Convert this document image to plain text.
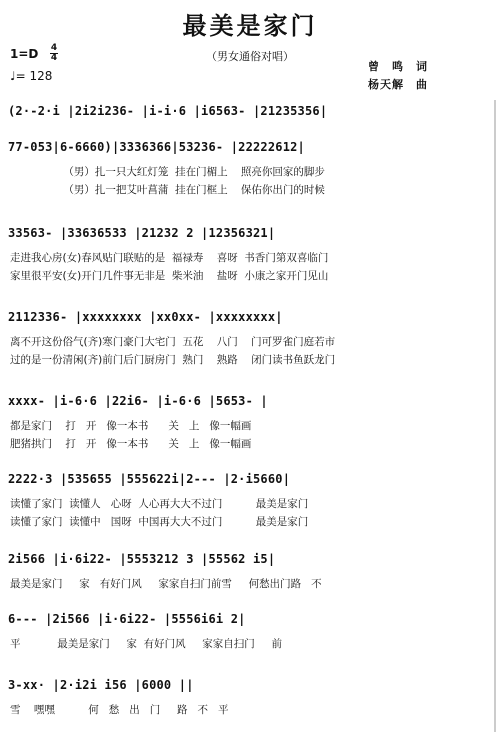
最美是家门
（男女通俗对唱）
1=D 4
4
♩= 128
曾　鸣　词
杨天解　曲
(2·-2·i |2i2i236- |i-i·6 |i6563- |21235356|
77-053|6-6660)|3336366|53236- |22222612|
（男）扎一只大红灯笼  挂在门楣上    照亮你回家的脚步
（男）扎一把艾叶菖蒲  挂在门框上    保佑你出门的时候
33563- |33636533 |21232 2 |12356321|
走进我心房(女)春风贴门联贴的是  福禄寿    喜呀  书香门第双喜临门
家里很平安(女)开门几件事无非是  柴米油    盐呀  小康之家开门见山
2112336- |xxxxxxxx |xx0xx- |xxxxxxxx|
离不开这份俗气(齐)寒门豪门大宅门  五花    八门    门可罗雀门庭若市
过的是一份清闲(齐)前门后门厨房门  熟门    熟路    闭门读书鱼跃龙门
xxxx- |i-6·6 |22i6- |i-6·6 |5653- |
都是家门    打   开   像一本书      关   上   像一幅画
肥猪拱门    打   开   像一本书      关   上   像一幅画
2222·3 |535655 |555622i|2--- |2·i5660|
读懂了家门  读懂人   心呀  人心再大大不过门          最美是家门
读懂了家门  读懂中   国呀  中国再大大不过门          最美是家门
2i566 |i·6i22- |5553212 3 |55562 i5|
最美是家门     家   有好门风     家家自扫门前雪     何愁出门路   不
6--- |2i566 |i·6i22- |5556i6i 2|
平           最美是家门     家  有好门风     家家自扫门     前
3-xx· |2·i2i i56 |6000 ||
雪    嘿嘿          何   愁   出   门     路   不   平
